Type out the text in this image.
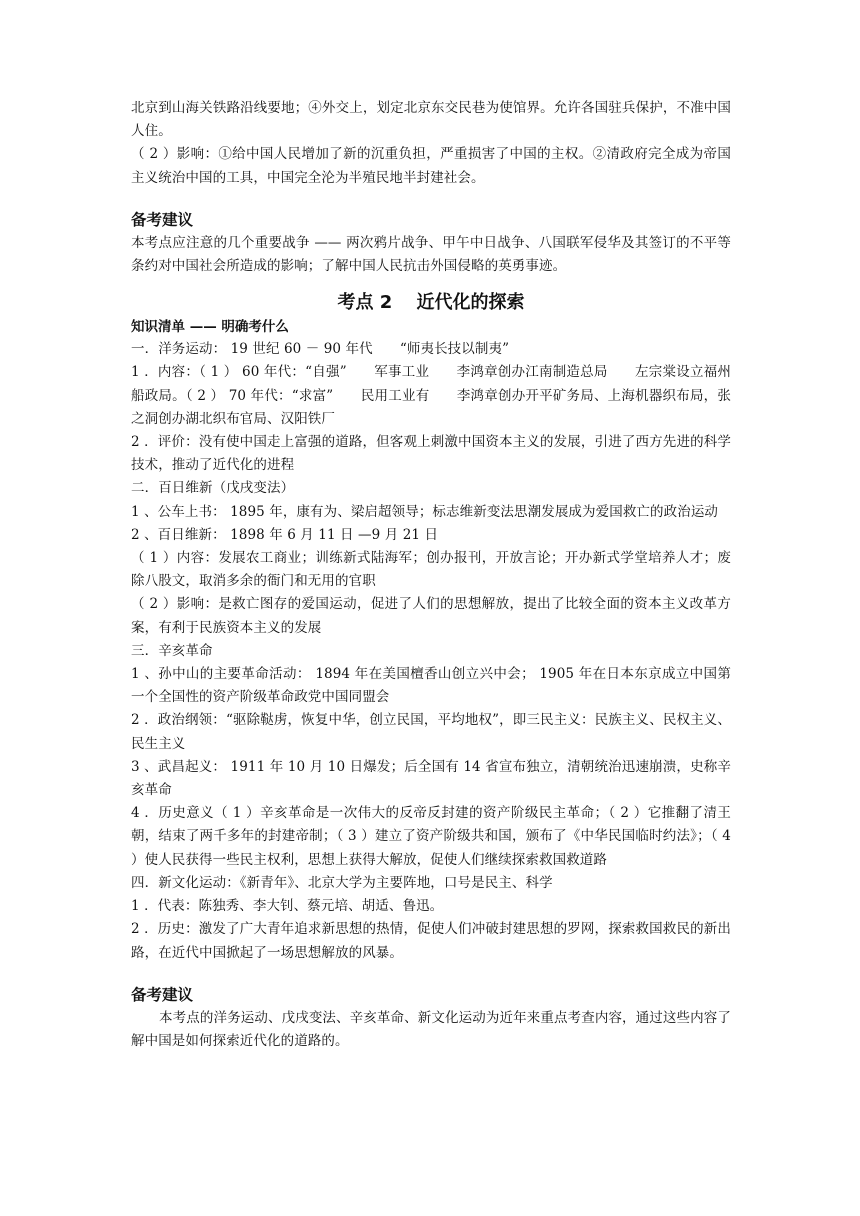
北京到山海关铁路沿线要地；④外交上，划定北京东交民巷为使馆界。允许各国驻兵保护，不准中国人住。

（ 2 ）影响：①给中国人民增加了新的沉重负担，严重损害了中国的主权。②清政府完全成为帝国主义统治中国的工具，中国完全沦为半殖民地半封建社会。

备考建议

本考点应注意的几个重要战争 —— 两次鸦片战争、甲午中日战争、八国联军侵华及其签订的不平等条约对中国社会所造成的影响；了解中国人民抗击外国侵略的英勇事迹。

考点 2　 近代化的探索

知识清单 —— 明确考什么

一．洋务运动： 19 世纪 60 － 90 年代　　“师夷长技以制夷”

1 ．内容：（ 1 ） 60 年代：“自强”　　军事工业　　李鸿章创办江南制造总局　　左宗棠设立福州船政局。（ 2 ） 70 年代：“求富”　　民用工业有　　李鸿章创办开平矿务局、上海机器织布局，张之洞创办湖北织布官局、汉阳铁厂

2 ．评价：没有使中国走上富强的道路，但客观上刺激中国资本主义的发展，引进了西方先进的科学技术，推动了近代化的进程

二．百日维新（戊戌变法）

1 、公车上书： 1895 年，康有为、梁启超领导；标志维新变法思潮发展成为爱国救亡的政治运动

2 、百日维新： 1898 年 6 月 11 日 —9 月 21 日

（ 1 ）内容：发展农工商业；训练新式陆海军；创办报刊，开放言论；开办新式学堂培养人才；废除八股文，取消多余的衙门和无用的官职

（ 2 ）影响：是救亡图存的爱国运动，促进了人们的思想解放，提出了比较全面的资本主义改革方案，有利于民族资本主义的发展

三．辛亥革命

1 、孙中山的主要革命活动： 1894 年在美国檀香山创立兴中会； 1905 年在日本东京成立中国第一个全国性的资产阶级革命政党中国同盟会

2 ．政治纲领：“驱除鞑虏，恢复中华，创立民国，平均地权”，即三民主义：民族主义、民权主义、民生主义

3 、武昌起义： 1911 年 10 月 10 日爆发；后全国有 14 省宣布独立，清朝统治迅速崩溃，史称辛亥革命

4 ．历史意义（ 1 ）辛亥革命是一次伟大的反帝反封建的资产阶级民主革命；（ 2 ）它推翻了清王朝，结束了两千多年的封建帝制；（ 3 ）建立了资产阶级共和国，颁布了《中华民国临时约法》；（ 4 ）使人民获得一些民主权利，思想上获得大解放，促使人们继续探索救国救道路

四．新文化运动：《新青年》、北京大学为主要阵地，口号是民主、科学

1 ．代表：陈独秀、李大钊、蔡元培、胡适、鲁迅。

2 ．历史：激发了广大青年追求新思想的热情，促使人们冲破封建思想的罗网，探索救国救民的新出路，在近代中国掀起了一场思想解放的风暴。

备考建议

本考点的洋务运动、戊戌变法、辛亥革命、新文化运动为近年来重点考查内容，通过这些内容了解中国是如何探索近代化的道路的。
